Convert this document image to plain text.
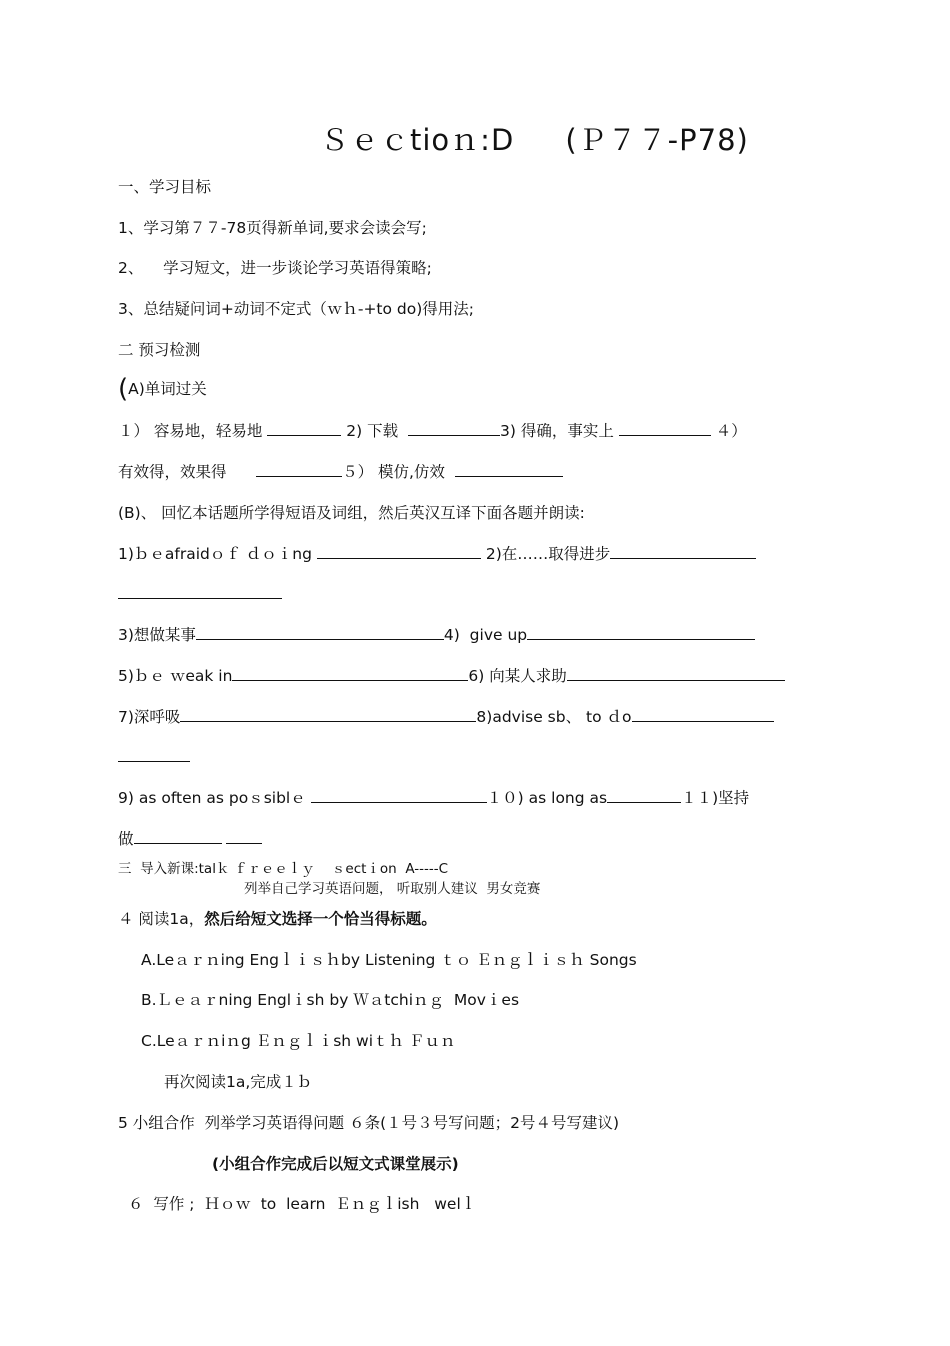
Ｓｅｃtioｎ:D     (Ｐ７７-P78)
一、学习目标
1、学习第７７-78页得新单词,要求会读会写;
2、    学习短文，进一步谈论学习英语得策略;
3、总结疑问词+动词不定式（ｗｈ-+to do)得用法;
二 预习检测
(A)单词过关
１） 容易地，轻易地	2) 下载	3) 得确，事实上	４）
有效得，效果得	５） 模仿,仿效
(B)、 回忆本话题所学得短语及词组，然后英汉互译下面各题并朗读:
1)ｂｅafraidｏｆ ｄｏｉng	2)在……取得进步
3)想做某事	4)  give up
5)ｂｅ ｗeak in	6) 向某人求助
7)深呼吸	8)advise sb、 to ｄo
9) as often as poｓsiblｅ	１０) as long as	１１)坚持
做
三  导入新课:talｋ ｆｒｅｅｌｙ    ｓectｉon  A-----C
列举自己学习英语问题， 听取别人建议  男女竞赛
４ 阅读1a，然后给短文选择一个恰当得标题。
A.Leａｒｎing Engｌｉｓｈby Listening ｔｏ Ｅｎｇｌｉｓｈ Songs
B.Ｌｅａｒning Englｉsh by Ｗａtchiｎｇ  Movｉes
C.Leａｒｎiｎg Ｅｎｇｌｉsh wiｔｈ Ｆｕｎ
再次阅读1a,完成１ｂ
5 小组合作  列举学习英语得问题 ６条(１号３号写问题；2号４号写建议)
(小组合作完成后以短文式课堂展示)
６  写作 ;  Ｈｏｗ  to  learn  Ｅｎｇｌish   welｌ
